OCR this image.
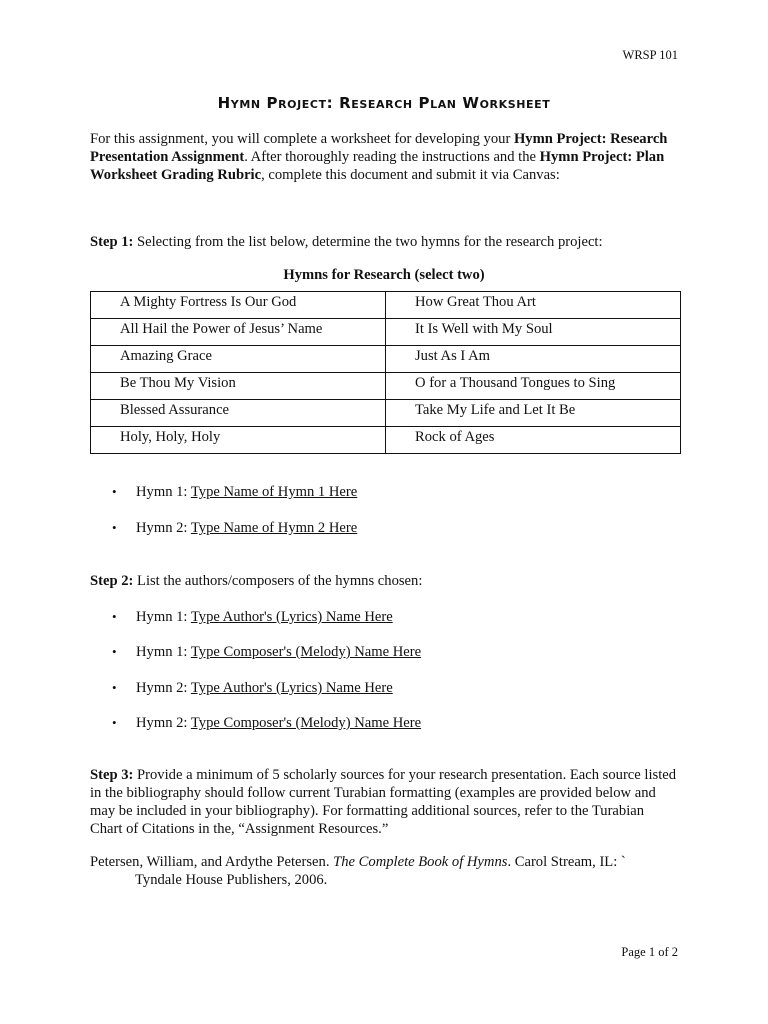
WRSP 101
Hymn Project: Research Plan Worksheet
For this assignment, you will complete a worksheet for developing your Hymn Project: Research Presentation Assignment. After thoroughly reading the instructions and the Hymn Project: Plan Worksheet Grading Rubric, complete this document and submit it via Canvas:
Step 1: Selecting from the list below, determine the two hymns for the research project:
Hymns for Research (select two)
A Mighty Fortress Is Our God	How Great Thou Art
All Hail the Power of Jesus’ Name	It Is Well with My Soul
Amazing Grace	Just As I Am
Be Thou My Vision	O for a Thousand Tongues to Sing
Blessed Assurance	Take My Life and Let It Be
Holy, Holy, Holy	Rock of Ages
• Hymn 1: Type Name of Hymn 1 Here
• Hymn 2: Type Name of Hymn 2 Here
Step 2: List the authors/composers of the hymns chosen:
• Hymn 1: Type Author's (Lyrics) Name Here
• Hymn 1: Type Composer's (Melody) Name Here
• Hymn 2: Type Author's (Lyrics) Name Here
• Hymn 2: Type Composer's (Melody) Name Here
Step 3: Provide a minimum of 5 scholarly sources for your research presentation. Each source listed in the bibliography should follow current Turabian formatting (examples are provided below and may be included in your bibliography). For formatting additional sources, refer to the Turabian Chart of Citations in the, “Assignment Resources.”
Petersen, William, and Ardythe Petersen. The Complete Book of Hymns. Carol Stream, IL: `
Tyndale House Publishers, 2006.
Page 1 of 2
